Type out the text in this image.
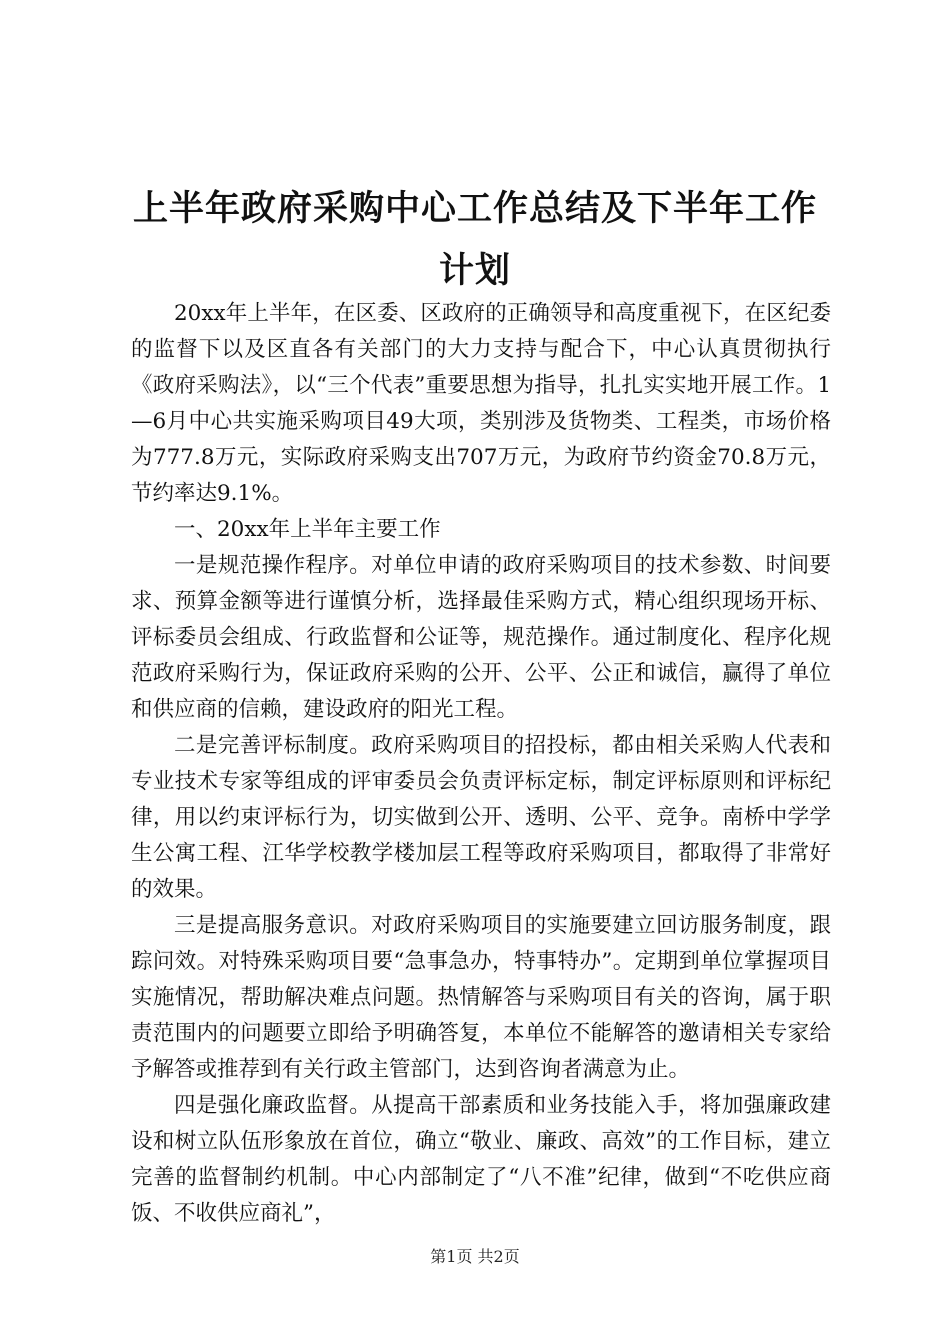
上半年政府采购中心工作总结及下半年工作计划

20xx年上半年，在区委、区政府的正确领导和高度重视下，在区纪委的监督下以及区直各有关部门的大力支持与配合下，中心认真贯彻执行《政府采购法》，以“三个代表”重要思想为指导，扎扎实实地开展工作。1—6月中心共实施采购项目49大项，类别涉及货物类、工程类，市场价格为777.8万元，实际政府采购支出707万元，为政府节约资金70.8万元，节约率达9.1%。

一、20xx年上半年主要工作

一是规范操作程序。对单位申请的政府采购项目的技术参数、时间要求、预算金额等进行谨慎分析，选择最佳采购方式，精心组织现场开标、评标委员会组成、行政监督和公证等，规范操作。通过制度化、程序化规范政府采购行为，保证政府采购的公开、公平、公正和诚信，赢得了单位和供应商的信赖，建设政府的阳光工程。

二是完善评标制度。政府采购项目的招投标，都由相关采购人代表和专业技术专家等组成的评审委员会负责评标定标，制定评标原则和评标纪律，用以约束评标行为，切实做到公开、透明、公平、竞争。南桥中学学生公寓工程、江华学校教学楼加层工程等政府采购项目，都取得了非常好的效果。

三是提高服务意识。对政府采购项目的实施要建立回访服务制度，跟踪问效。对特殊采购项目要“急事急办，特事特办”。定期到单位掌握项目实施情况，帮助解决难点问题。热情解答与采购项目有关的咨询，属于职责范围内的问题要立即给予明确答复，本单位不能解答的邀请相关专家给予解答或推荐到有关行政主管部门，达到咨询者满意为止。

四是强化廉政监督。从提高干部素质和业务技能入手，将加强廉政建设和树立队伍形象放在首位，确立“敬业、廉政、高效”的工作目标，建立完善的监督制约机制。中心内部制定了“八不准”纪律，做到“不吃供应商饭、不收供应商礼”，

第1页 共2页
